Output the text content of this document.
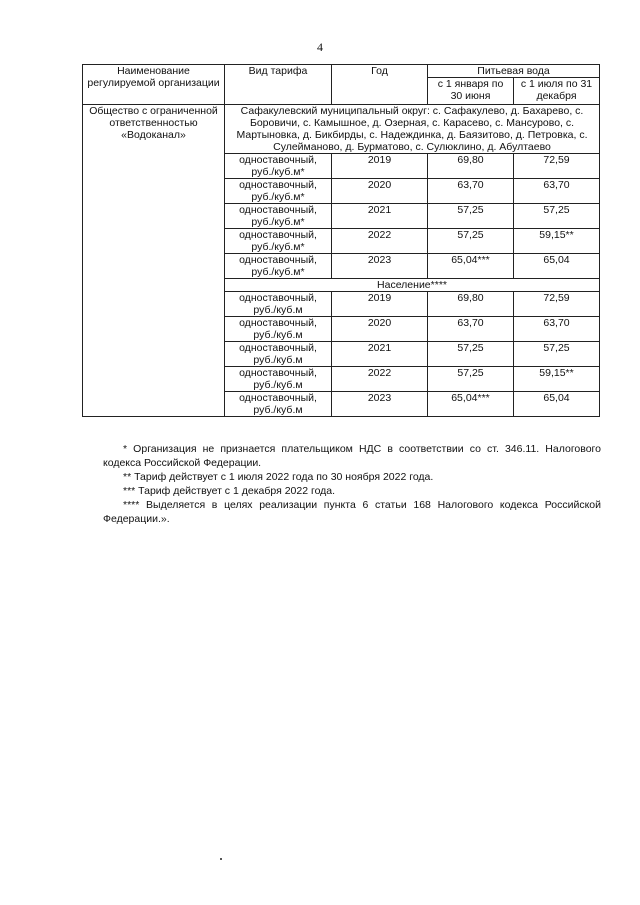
4
Наименование регулируемой организации	Вид тарифа	Год	Питьевая вода	
			с 1 января по 30 июня	с 1 июля по 31 декабря
Общество с ограниченной ответственностью «Водоканал»	Сафакулевский муниципальный округ: с. Сафакулево, д. Бахарево, с. Боровичи, с. Камышное, д. Озерная, с. Карасево, с. Мансурово, с. Мартыновка, д. Бикбирды, с. Надеждинка, д. Баязитово, д. Петровка, с. Сулейманово, д. Бурматово, с. Сулюклино, д. Абултаево			
	одноставочный, руб./куб.м*	2019	69,80	72,59
	одноставочный, руб./куб.м*	2020	63,70	63,70
	одноставочный, руб./куб.м*	2021	57,25	57,25
	одноставочный, руб./куб.м*	2022	57,25	59,15**
	одноставочный, руб./куб.м*	2023	65,04***	65,04
	Население****			
	одноставочный, руб./куб.м	2019	69,80	72,59
	одноставочный, руб./куб.м	2020	63,70	63,70
	одноставочный, руб./куб.м	2021	57,25	57,25
	одноставочный, руб./куб.м	2022	57,25	59,15**
	одноставочный, руб./куб.м	2023	65,04***	65,04

* Организация не признается плательщиком НДС в соответствии со ст. 346.11. Налогового кодекса Российской Федерации.

** Тариф действует с 1 июля 2022 года по 30 ноября 2022 года.

*** Тариф действует с 1 декабря 2022 года.

**** Выделяется в целях реализации пункта 6 статьи 168 Налогового кодекса Российской Федерации.».
